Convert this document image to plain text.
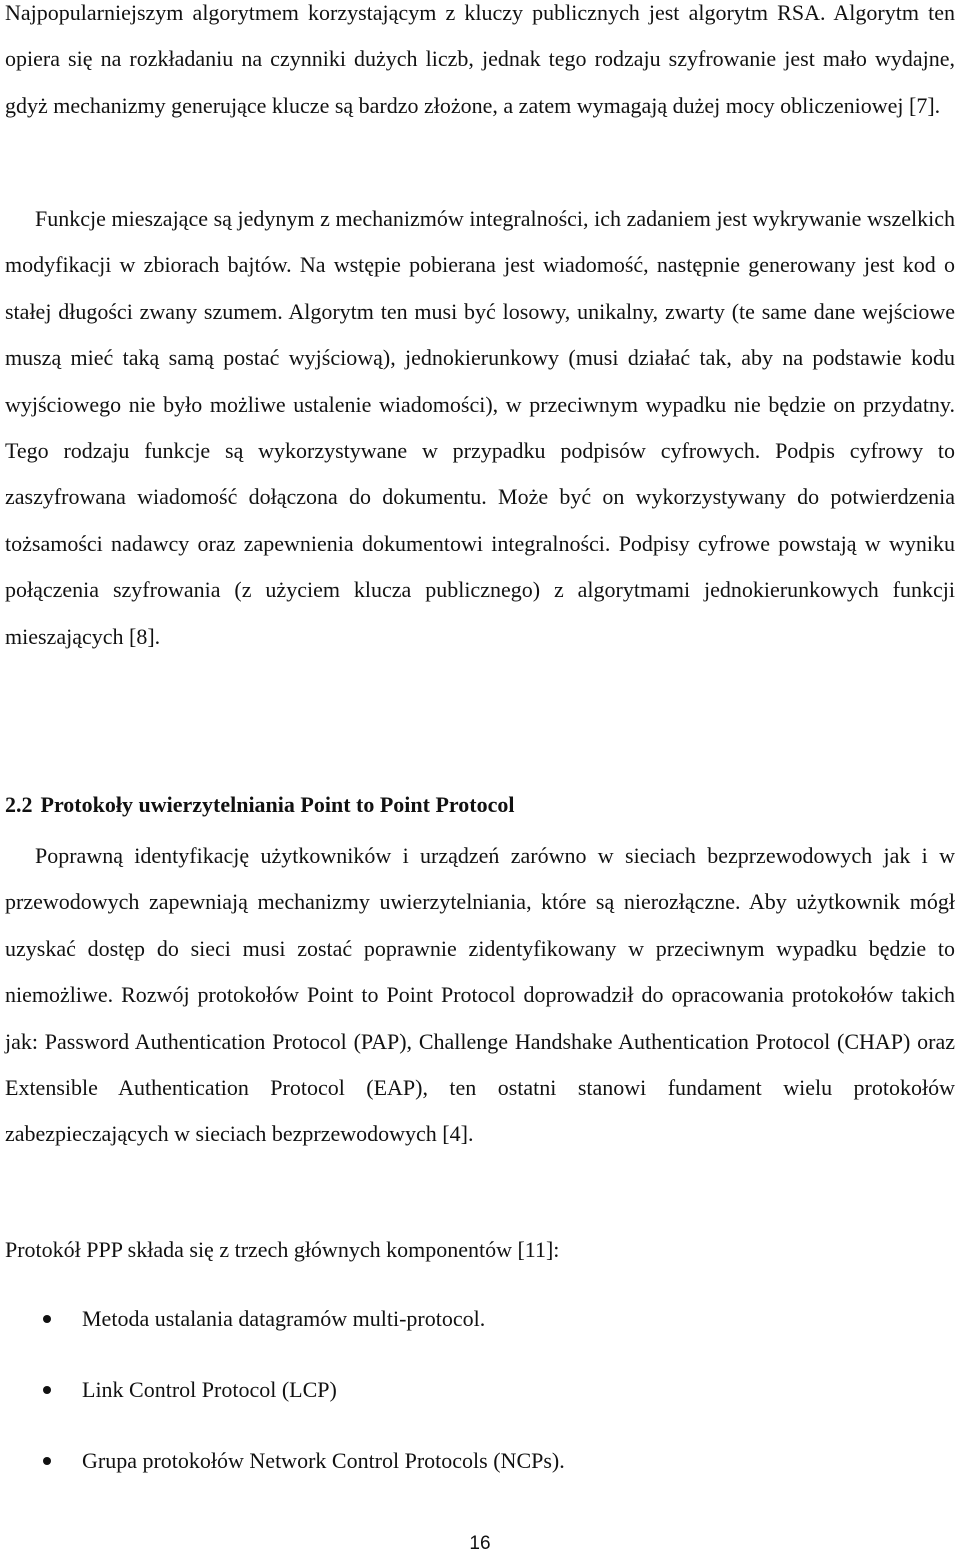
Najpopularniejszym algorytmem korzystającym z kluczy publicznych jest algorytm RSA. Algorytm ten opiera się na rozkładaniu na czynniki dużych liczb, jednak tego rodzaju szyfrowanie jest mało wydajne, gdyż mechanizmy generujące klucze są bardzo złożone, a zatem wymagają dużej mocy obliczeniowej [7].

Funkcje mieszające są jedynym z mechanizmów integralności, ich zadaniem jest wykrywanie wszelkich modyfikacji w zbiorach bajtów. Na wstępie pobierana jest wiadomość, następnie generowany jest kod o stałej długości zwany szumem. Algorytm ten musi być losowy, unikalny, zwarty (te same dane wejściowe muszą mieć taką samą postać wyjściową), jednokierunkowy (musi działać tak, aby na podstawie kodu wyjściowego nie było możliwe ustalenie wiadomości), w przeciwnym wypadku nie będzie on przydatny. Tego rodzaju funkcje są wykorzystywane w przypadku podpisów cyfrowych. Podpis cyfrowy to zaszyfrowana wiadomość dołączona do dokumentu. Może być on wykorzystywany do potwierdzenia tożsamości nadawcy oraz zapewnienia dokumentowi integralności. Podpisy cyfrowe powstają w wyniku połączenia szyfrowania (z użyciem klucza publicznego) z algorytmami jednokierunkowych funkcji mieszających [8].

2.2 Protokoły uwierzytelniania Point to Point Protocol

Poprawną identyfikację użytkowników i urządzeń zarówno w sieciach bezprzewodowych jak i w przewodowych zapewniają mechanizmy uwierzytelniania, które są nierozłączne. Aby użytkownik mógł uzyskać dostęp do sieci musi zostać poprawnie zidentyfikowany w przeciwnym wypadku będzie to niemożliwe. Rozwój protokołów Point to Point Protocol doprowadził do opracowania protokołów takich jak: Password Authentication Protocol (PAP), Challenge Handshake Authentication Protocol (CHAP) oraz Extensible Authentication Protocol (EAP), ten ostatni stanowi fundament wielu protokołów zabezpieczających w sieciach bezprzewodowych [4].

Protokół PPP składa się z trzech głównych komponentów [11]:

Metoda ustalania datagramów multi-protocol.
Link Control Protocol (LCP)
Grupa protokołów Network Control Protocols (NCPs).
16
